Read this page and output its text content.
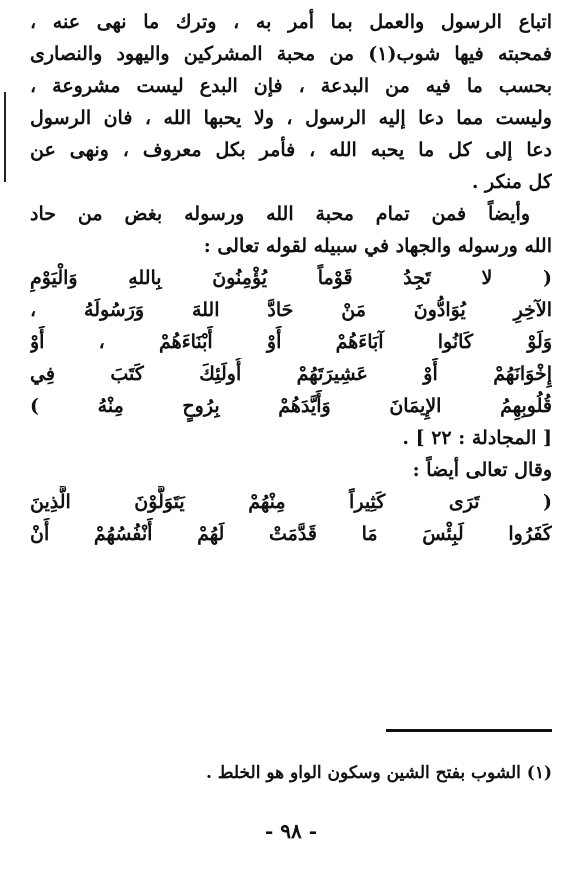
اتباع الرسول والعمل بما أمر به ، وترك ما نهى عنه ،
فمحبته فيها شوب(١) من محبة المشركين واليهود والنصارى
بحسب ما فيه من البدعة ، فإن البدع ليست مشروعة ،
وليست مما دعا إليه الرسول ، ولا يحبها الله ، فان الرسول
دعا إلى كل ما يحبه الله ، فأمر بكل معروف ، ونهى عن
كل منكر .
وأيضاً فمن تمام محبة الله ورسوله بغض من حاد
الله ورسوله والجهاد في سبيله لقوله تعالى :
( لا تَجِدُ قَوْماً يُؤْمِنُونَ بِاللهِ وَالْيَوْمِ
الآخِرِ يُوَادُّونَ مَنْ حَادَّ اللهَ وَرَسُولَهُ ،
وَلَوْ كَانُوا آبَاءَهُمْ أَوْ أَبْنَاءَهُمْ ، أَوْ
إِخْوَانَهُمْ أَوْ عَشِيرَتَهُمْ أُولَئِكَ كَتَبَ فِي
قُلُوبِهِمُ الإِيمَانَ وَأَيَّدَهُمْ بِرُوحٍ مِنْهُ )
[ المجادلة : ٢٢ ] .
وقال تعالى أيضاً :
( تَرَى كَثِيراً مِنْهُمْ يَتَوَلَّوْنَ الَّذِينَ
كَفَرُوا لَبِئْسَ مَا قَدَّمَتْ لَهُمْ أَنْفُسُهُمْ أَنْ
(١) الشوب بفتح الشين وسكون الواو هو الخلط .
- ٩٨ -
